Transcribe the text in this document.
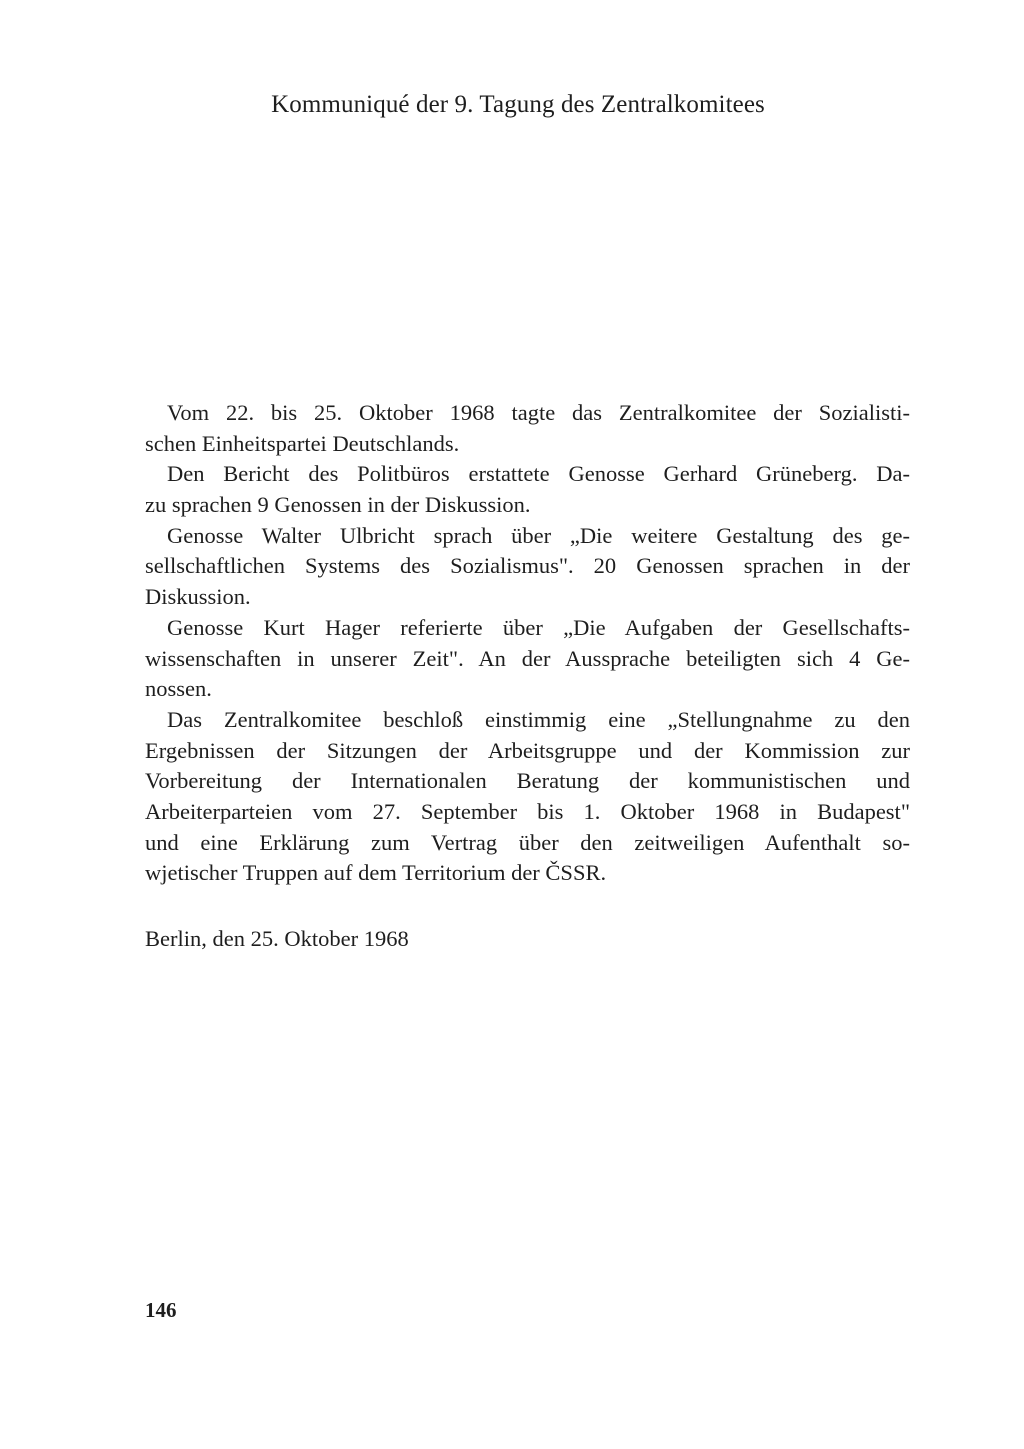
Kommuniqué der 9. Tagung des Zentralkomitees
Vom 22. bis 25. Oktober 1968 tagte das Zentralkomitee der Sozialisti-
schen Einheitspartei Deutschlands.
Den Bericht des Politbüros erstattete Genosse Gerhard Grüneberg. Da-
zu sprachen 9 Genossen in der Diskussion.
Genosse Walter Ulbricht sprach über „Die weitere Gestaltung des ge-
sellschaftlichen Systems des Sozialismus". 20 Genossen sprachen in der
Diskussion.
Genosse Kurt Hager referierte über „Die Aufgaben der Gesellschafts-
wissenschaften in unserer Zeit". An der Aussprache beteiligten sich 4 Ge-
nossen.
Das Zentralkomitee beschloß einstimmig eine „Stellungnahme zu den
Ergebnissen der Sitzungen der Arbeitsgruppe und der Kommission zur
Vorbereitung der Internationalen Beratung der kommunistischen und
Arbeiterparteien vom 27. September bis 1. Oktober 1968 in Budapest"
und eine Erklärung zum Vertrag über den zeitweiligen Aufenthalt so-
wjetischer Truppen auf dem Territorium der ČSSR.
Berlin, den 25. Oktober 1968
146
